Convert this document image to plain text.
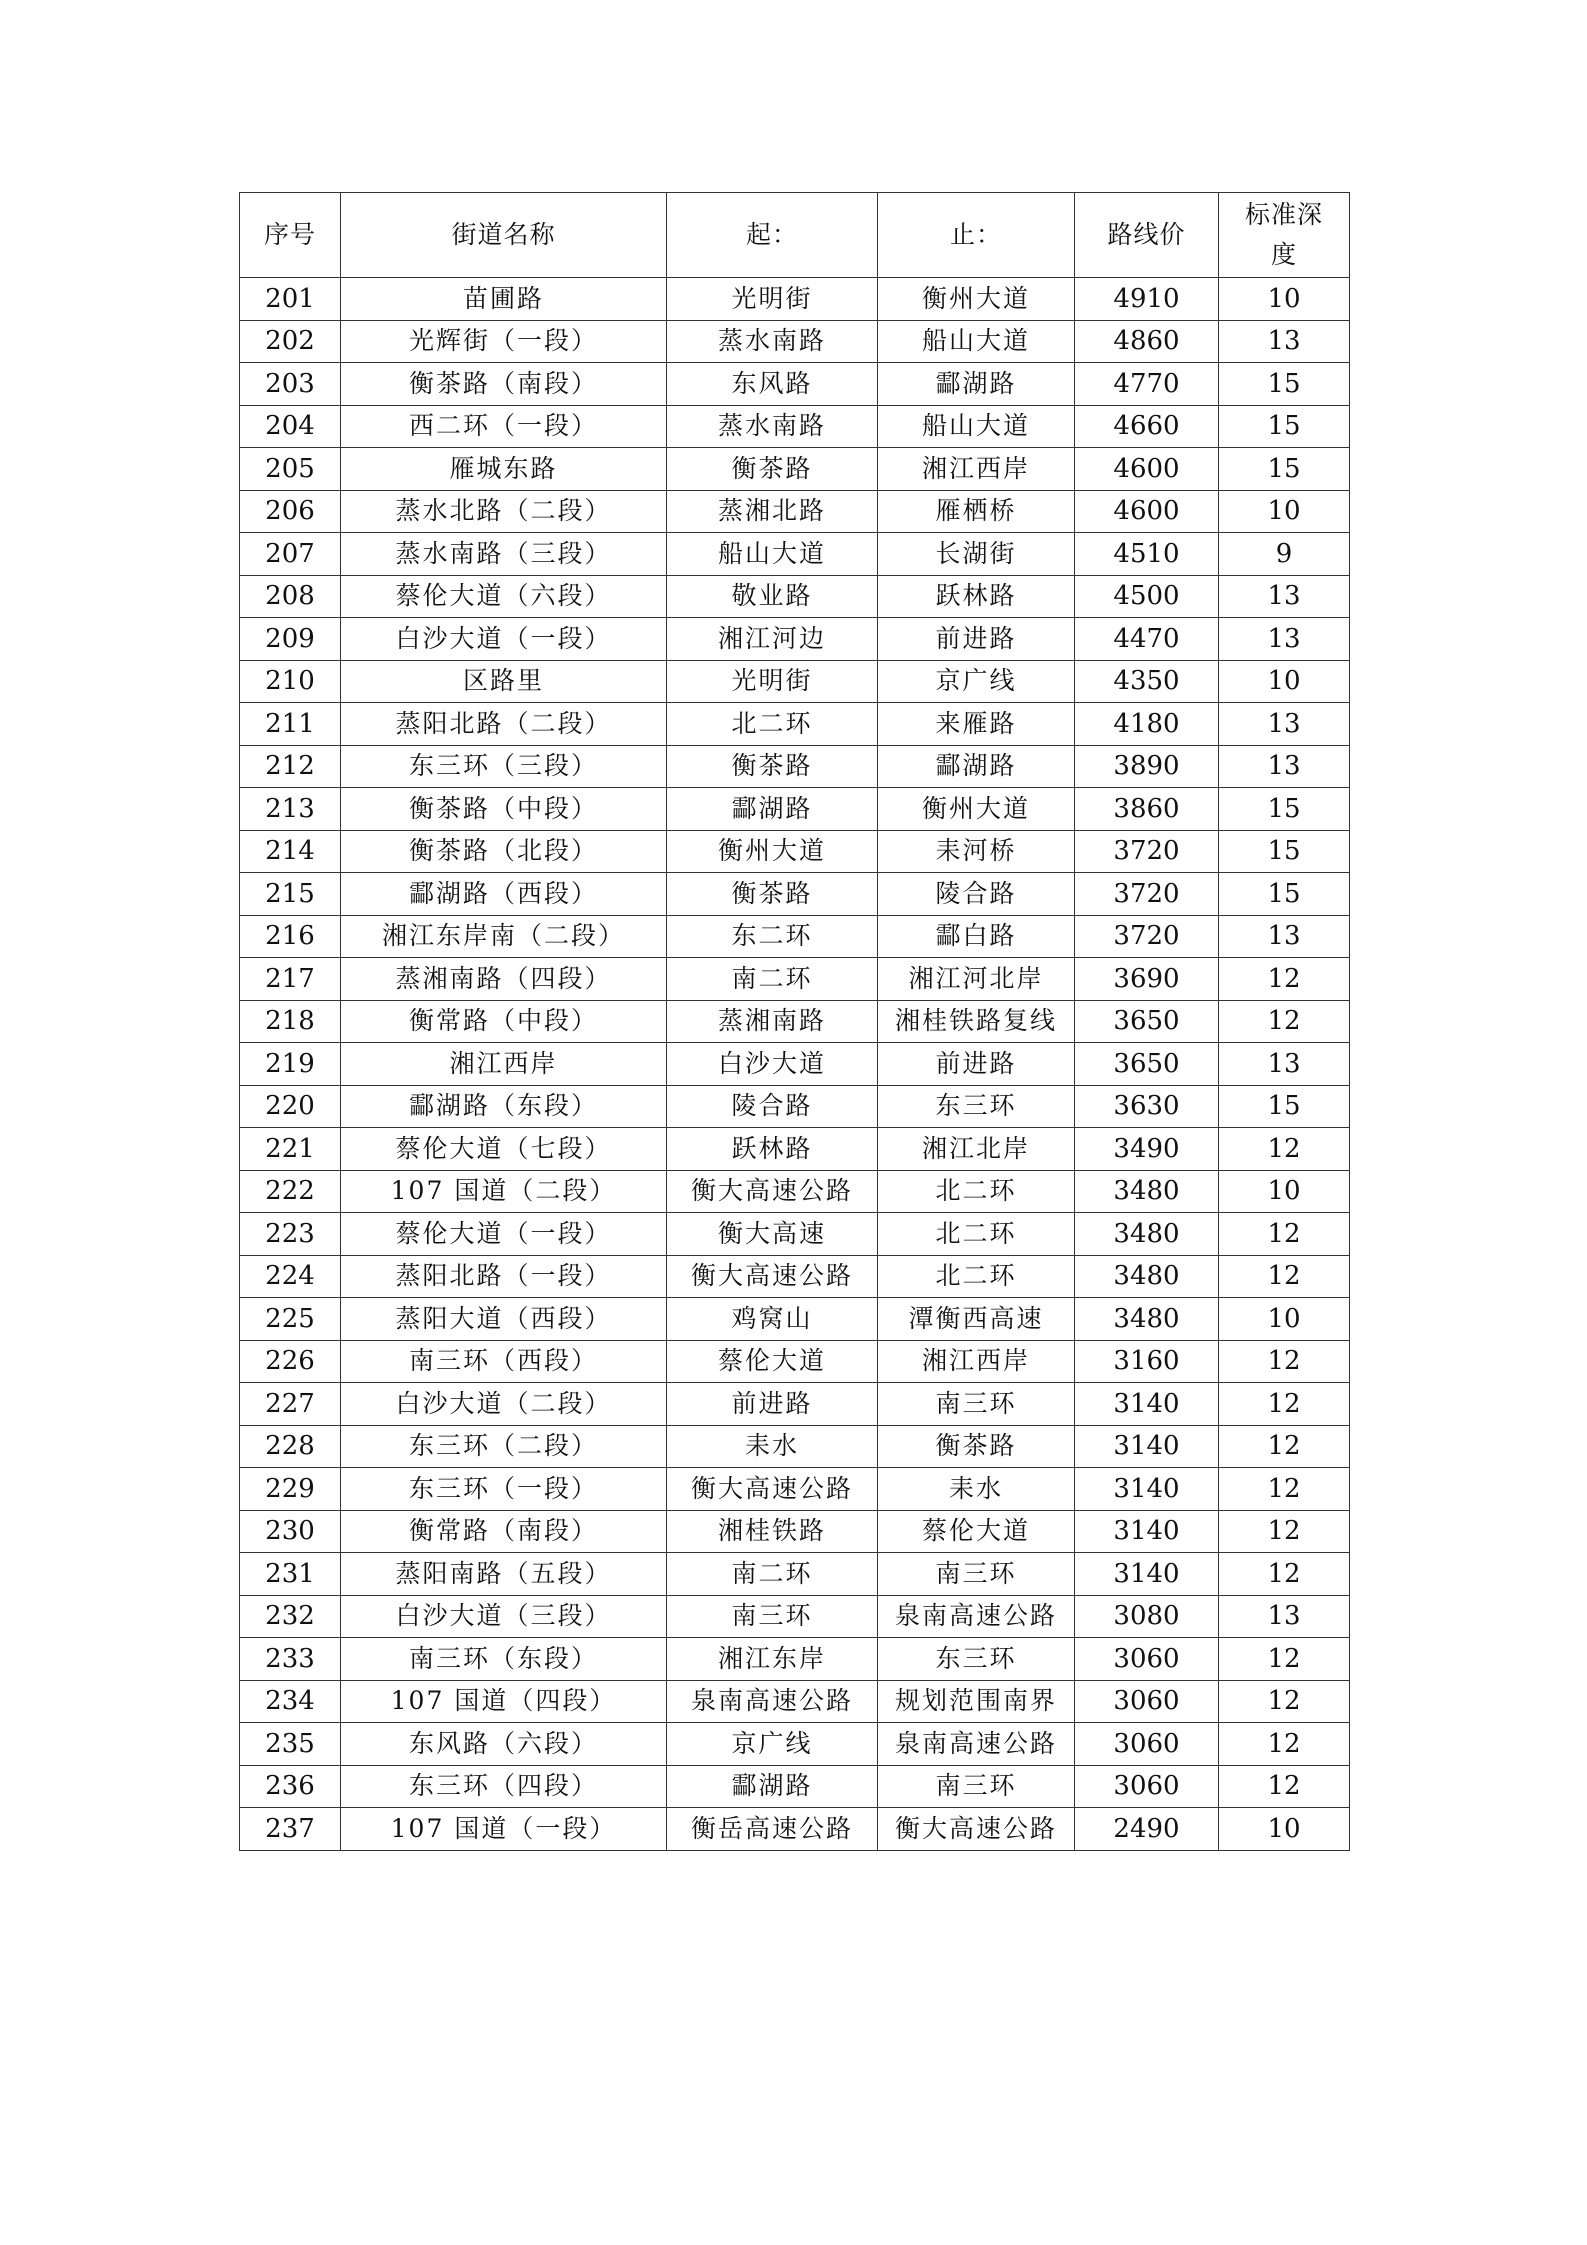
序号	街道名称	起：	止：	路线价	标准深度
201	苗圃路	光明街	衡州大道	4910	10
202	光辉街（一段）	蒸水南路	船山大道	4860	13
203	衡茶路（南段）	东风路	酃湖路	4770	15
204	西二环（一段）	蒸水南路	船山大道	4660	15
205	雁城东路	衡茶路	湘江西岸	4600	15
206	蒸水北路（二段）	蒸湘北路	雁栖桥	4600	10
207	蒸水南路（三段）	船山大道	长湖街	4510	9
208	蔡伦大道（六段）	敬业路	跃林路	4500	13
209	白沙大道（一段）	湘江河边	前进路	4470	13
210	区路里	光明街	京广线	4350	10
211	蒸阳北路（二段）	北二环	来雁路	4180	13
212	东三环（三段）	衡茶路	酃湖路	3890	13
213	衡茶路（中段）	酃湖路	衡州大道	3860	15
214	衡茶路（北段）	衡州大道	耒河桥	3720	15
215	酃湖路（西段）	衡茶路	陵合路	3720	15
216	湘江东岸南（二段）	东二环	酃白路	3720	13
217	蒸湘南路（四段）	南二环	湘江河北岸	3690	12
218	衡常路（中段）	蒸湘南路	湘桂铁路复线	3650	12
219	湘江西岸	白沙大道	前进路	3650	13
220	酃湖路（东段）	陵合路	东三环	3630	15
221	蔡伦大道（七段）	跃林路	湘江北岸	3490	12
222	107 国道（二段）	衡大高速公路	北二环	3480	10
223	蔡伦大道（一段）	衡大高速	北二环	3480	12
224	蒸阳北路（一段）	衡大高速公路	北二环	3480	12
225	蒸阳大道（西段）	鸡窝山	潭衡西高速	3480	10
226	南三环（西段）	蔡伦大道	湘江西岸	3160	12
227	白沙大道（二段）	前进路	南三环	3140	12
228	东三环（二段）	耒水	衡茶路	3140	12
229	东三环（一段）	衡大高速公路	耒水	3140	12
230	衡常路（南段）	湘桂铁路	蔡伦大道	3140	12
231	蒸阳南路（五段）	南二环	南三环	3140	12
232	白沙大道（三段）	南三环	泉南高速公路	3080	13
233	南三环（东段）	湘江东岸	东三环	3060	12
234	107 国道（四段）	泉南高速公路	规划范围南界	3060	12
235	东风路（六段）	京广线	泉南高速公路	3060	12
236	东三环（四段）	酃湖路	南三环	3060	12
237	107 国道（一段）	衡岳高速公路	衡大高速公路	2490	10
